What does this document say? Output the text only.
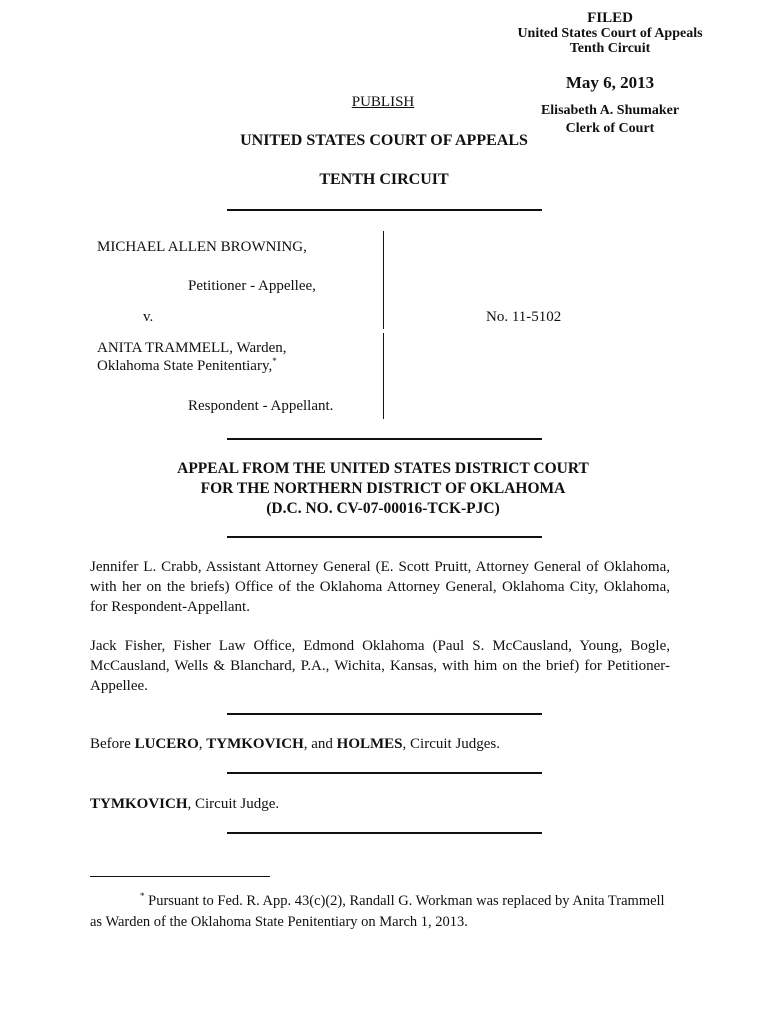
FILED
United States Court of Appeals
Tenth Circuit
May 6, 2013
Elisabeth A. Shumaker
Clerk of Court
PUBLISH
UNITED STATES COURT OF APPEALS
TENTH CIRCUIT
MICHAEL ALLEN BROWNING,
Petitioner - Appellee,
v.
ANITA TRAMMELL, Warden,
Oklahoma State Penitentiary,*
Respondent - Appellant.
No. 11-5102
APPEAL FROM THE UNITED STATES DISTRICT COURT
FOR THE NORTHERN DISTRICT OF OKLAHOMA
(D.C. NO. CV-07-00016-TCK-PJC)
Jennifer L. Crabb, Assistant Attorney General (E. Scott Pruitt, Attorney General of Oklahoma, with her on the briefs) Office of the Oklahoma Attorney General, Oklahoma City, Oklahoma, for Respondent-Appellant.
Jack Fisher, Fisher Law Office, Edmond Oklahoma (Paul S. McCausland, Young, Bogle, McCausland, Wells & Blanchard, P.A., Wichita, Kansas, with him on the brief) for Petitioner-Appellee.
Before LUCERO, TYMKOVICH, and HOLMES, Circuit Judges.
TYMKOVICH, Circuit Judge.
* Pursuant to Fed. R. App. 43(c)(2), Randall G. Workman was replaced by Anita Trammell as Warden of the Oklahoma State Penitentiary on March 1, 2013.
